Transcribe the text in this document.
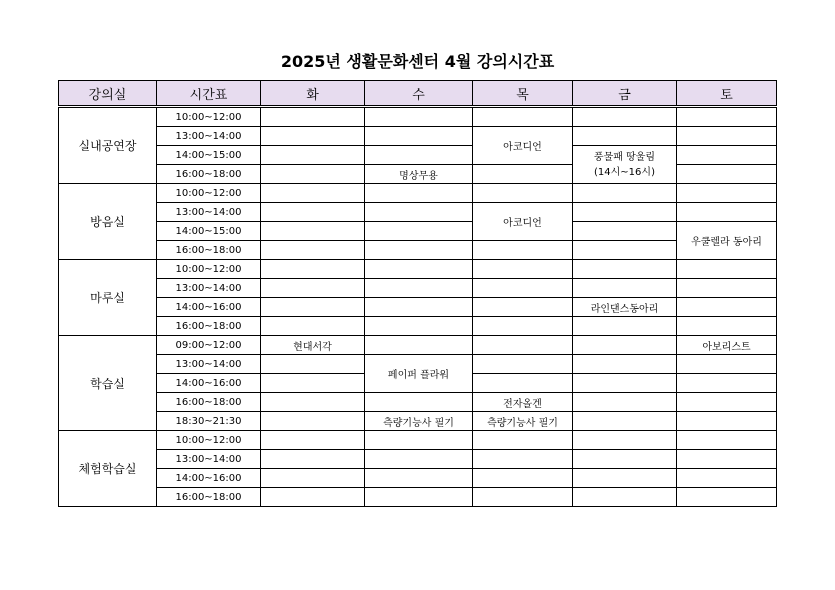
2025년 생활문화센터 4월 강의시간표
강의실	시간표	화	수	목	금	토
실내공연장	10:00~12:00					
	13:00~14:00			아코디언		
	14:00~15:00				풍물패 땅울림
(14시~16시)	

	16:00~18:00		명상무용			
방음실	10:00~12:00					
	13:00~14:00			아코디언		
	14:00~15:00					우쿨렐라 동아리
	16:00~18:00					
마루실	10:00~12:00					
	13:00~14:00					
	14:00~16:00				라인댄스동아리	
	16:00~18:00					
학습실	09:00~12:00	현대서각				아보리스트
	13:00~14:00		페이퍼 플라워			
	14:00~16:00					
	16:00~18:00			전자올겐		
	18:30~21:30		측량기능사 필기	측량기능사 필기		
체험학습실	10:00~12:00					
	13:00~14:00					
	14:00~16:00					
	16:00~18:00					
